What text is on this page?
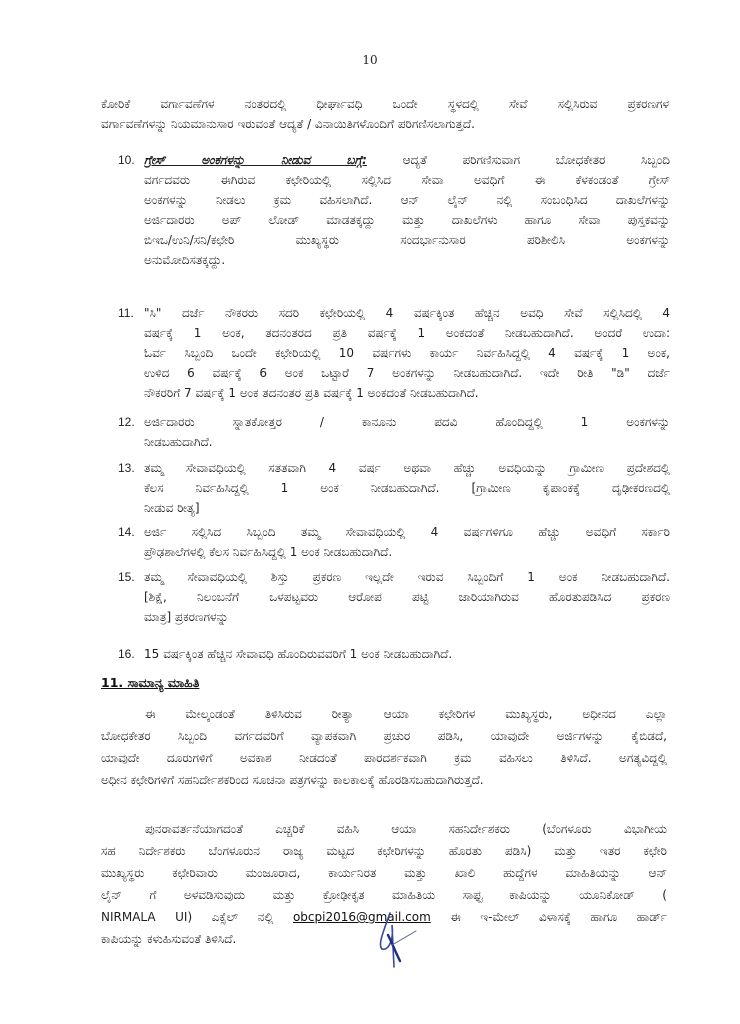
10
ಕೋರಿಕೆ ವರ್ಗಾವಣೆಗಳ ನಂತರದಲ್ಲಿ ಧೀರ್ಘಾವಧಿ ಒಂದೇ ಸ್ಥಳದಲ್ಲಿ ಸೇವೆ ಸಲ್ಲಿಸಿರುವ ಪ್ರಕರಣಗಳ
ವರ್ಗಾವಣೆಗಳನ್ನು ನಿಯಮಾನುಸಾರ ಇರುವಂತೆ ಆದ್ಯತೆ / ವಿನಾಯಿತಿಗಳೊಂದಿಗೆ ಪರಿಗಣಿಸಲಾಗುತ್ತದೆ.
10. ಗ್ರೇಸ್ ಅಂಕಗಳನ್ನು ನೀಡುವ ಬಗ್ಗೆ:	ಆದ್ಯತೆ ಪರಿಗಣಿಸುವಾಗ ಬೋಧಕೇತರ ಸಿಬ್ಬಂದಿ
ವರ್ಗದವರು ಈಗಿರುವ ಕಛೇರಿಯಲ್ಲಿ ಸಲ್ಲಿಸಿದ ಸೇವಾ ಅವಧಿಗೆ ಈ ಕೆಳಕಂಡಂತೆ ಗ್ರೇಸ್
ಅಂಕಗಳನ್ನು ನೀಡಲು ಕ್ರಮ ವಹಿಸಲಾಗಿದೆ. ಆನ್ ಲೈನ್ ನಲ್ಲಿ ಸಂಬಂಧಿಸಿದ ದಾಖಲೆಗಳನ್ನು
ಅರ್ಜಿದಾರರು ಅಪ್ ಲೋಡ್ ಮಾಡತಕ್ಕದ್ದು ಮತ್ತು ದಾಖಲೆಗಳು ಹಾಗೂ ಸೇವಾ ಪುಸ್ತಕವನ್ನು
ಬಿಇಒ/ಉನಿ/ಸನಿ/ಕಛೇರಿ ಮುಖ್ಯಸ್ಥರು ಸಂದರ್ಭಾನುಸಾರ ಪರಿಶೀಲಿಸಿ ಅಂಕಗಳನ್ನು
ಅನುಮೋದಿಸತಕ್ಕದ್ದು.
11. "ಸಿ" ದರ್ಜೆ ನೌಕರರು ಸದರಿ ಕಛೇರಿಯಲ್ಲಿ 4 ವರ್ಷಕ್ಕಿಂತ ಹೆಚ್ಚಿನ ಅವಧಿ ಸೇವೆ ಸಲ್ಲಿಸಿದಲ್ಲಿ 4
ವರ್ಷಕ್ಕೆ 1 ಅಂಕ, ತದನಂತರದ ಪ್ರತಿ ವರ್ಷಕ್ಕೆ 1 ಅಂಕದಂತೆ ನೀಡಬಹುದಾಗಿದೆ. ಅಂದರೆ ಉದಾ:
ಓರ್ವ ಸಿಬ್ಬಂದಿ ಒಂದೇ ಕಛೇರಿಯಲ್ಲಿ 10 ವರ್ಷಗಳು ಕಾರ್ಯ ನಿರ್ವಹಿಸಿದ್ದಲ್ಲಿ 4 ವರ್ಷಕ್ಕೆ 1 ಅಂಕ,
ಉಳಿದ 6 ವರ್ಷಕ್ಕೆ 6 ಅಂಕ ಒಟ್ಟಾರೆ 7 ಅಂಕಗಳನ್ನು ನೀಡಬಹುದಾಗಿದೆ. ಇದೇ ರೀತಿ "ಡಿ" ದರ್ಜೆ
ನೌಕರರಿಗೆ 7 ವರ್ಷಕ್ಕೆ 1 ಅಂಕ ತದನಂತರ ಪ್ರತಿ ವರ್ಷಕ್ಕೆ 1 ಅಂಕದಂತೆ ನೀಡಬಹುದಾಗಿದೆ.
12. ಅರ್ಜಿದಾರರು ಸ್ನಾತಕೋತ್ತರ / ಕಾನೂನು ಪದವಿ ಹೊಂದಿದ್ದಲ್ಲಿ 1 ಅಂಕಗಳನ್ನು
ನೀಡಬಹುದಾಗಿದೆ.
13. ತಮ್ಮ ಸೇವಾವಧಿಯಲ್ಲಿ ಸತತವಾಗಿ 4 ವರ್ಷ ಅಥವಾ ಹೆಚ್ಚು ಅವಧಿಯನ್ನು ಗ್ರಾಮೀಣ ಪ್ರದೇಶದಲ್ಲಿ
ಕೆಲಸ ನಿರ್ವಹಿಸಿದ್ದಲ್ಲಿ 1 ಅಂಕ ನೀಡಬಹುದಾಗಿದೆ. [ಗ್ರಾಮೀಣ ಕೃಪಾಂಕಕ್ಕೆ ದೃಢೀಕರಣದಲ್ಲಿ
ನೀಡುವ ರೀತ್ಯ]
14. ಅರ್ಜಿ ಸಲ್ಲಿಸಿದ ಸಿಬ್ಬಂದಿ ತಮ್ಮ ಸೇವಾವಧಿಯಲ್ಲಿ 4 ವರ್ಷಗಳಿಗೂ ಹೆಚ್ಚು ಅವಧಿಗೆ ಸರ್ಕಾರಿ
ಪ್ರೌಢಶಾಲೆಗಳಲ್ಲಿ ಕೆಲಸ ನಿರ್ವಹಿಸಿದ್ದಲ್ಲಿ 1 ಅಂಕ ನೀಡಬಹುದಾಗಿದೆ.
15. ತಮ್ಮ ಸೇವಾವಧಿಯಲ್ಲಿ ಶಿಸ್ತು ಪ್ರಕರಣ ಇಲ್ಲದೇ ಇರುವ ಸಿಬ್ಬಂದಿಗೆ 1 ಅಂಕ ನೀಡಬಹುದಾಗಿದೆ.
[ಶಿಕ್ಷೆ, ನಿಲಂಬನೆಗೆ ಒಳಪಟ್ಟವರು ಆರೋಪ ಪಟ್ಟಿ ಜಾರಿಯಾಗಿರುವ ಹೊರತುಪಡಿಸಿದ ಪ್ರಕರಣ
ಮಾತ್ರ] ಪ್ರಕರಣಗಳನ್ನು
16. 15 ವರ್ಷಕ್ಕಿಂತ ಹೆಚ್ಚಿನ ಸೇವಾವಧಿ ಹೊಂದಿರುವವರಿಗೆ 1 ಅಂಕ ನೀಡಬಹುದಾಗಿದೆ.
11. ಸಾಮಾನ್ಯ ಮಾಹಿತಿ
ಈ ಮೇಲ್ಕಂಡಂತೆ ತಿಳಿಸಿರುವ ರೀತ್ಯಾ ಆಯಾ ಕಛೇರಿಗಳ ಮುಖ್ಯಸ್ಥರು, ಅಧೀನದ ಎಲ್ಲಾ
ಬೋಧಕೇತರ ಸಿಬ್ಬಂದಿ ವರ್ಗದವರಿಗೆ ವ್ಯಾಪಕವಾಗಿ ಪ್ರಚುರ ಪಡಿಸಿ, ಯಾವುದೇ ಅರ್ಜಿಗಳನ್ನು ಕೈಬಿಡದೆ,
ಯಾವುದೇ ದೂರುಗಳಿಗೆ ಅವಕಾಶ ನೀಡದಂತೆ ಪಾರದರ್ಶಕವಾಗಿ ಕ್ರಮ ವಹಿಸಲು ತಿಳಿಸಿದೆ. ಅಗತ್ಯವಿದ್ದಲ್ಲಿ
ಅಧೀನ ಕಛೇರಿಗಳಿಗೆ ಸಹನಿರ್ದೇಶಕರಿಂದ ಸೂಚನಾ ಪತ್ರಗಳನ್ನು ಕಾಲಕಾಲಕ್ಕೆ ಹೊರಡಿಸಬಹುದಾಗಿರುತ್ತದೆ.
ಪುನರಾವರ್ತನೆಯಾಗದಂತೆ ಎಚ್ಚರಿಕೆ ವಹಿಸಿ ಆಯಾ ಸಹನಿರ್ದೇಶಕರು (ಬೆಂಗಳೂರು ವಿಭಾಗೀಯ
ಸಹ ನಿರ್ದೇಶಕರು ಬೆಂಗಳೂರುನ ರಾಜ್ಯ ಮಟ್ಟದ ಕಛೇರಿಗಳನ್ನು ಹೊರತು ಪಡಿಸಿ) ಮತ್ತು ಇತರ ಕಛೇರಿ
ಮುಖ್ಯಸ್ಥರು ಕಛೇರಿವಾರು ಮಂಜೂರಾದ, ಕಾರ್ಯನಿರತ ಮತ್ತು ಖಾಲಿ ಹುದ್ದೆಗಳ ಮಾಹಿತಿಯನ್ನು ಆನ್
ಲೈನ್ ಗೆ ಅಳವಡಿಸುವುದು ಮತ್ತು ಕ್ರೋಢೀಕೃತ ಮಾಹಿತಿಯ ಸಾಫ್ಟ ಕಾಪಿಯನ್ನು ಯೂನಿಕೋಡ್ (
NIRMALA UI) ಎಕ್ಸೆಲ್ ನಲ್ಲಿ obcpi2016@gmail.com ಈ ಇ-ಮೇಲ್ ವಿಳಾಸಕ್ಕೆ ಹಾಗೂ ಹಾರ್ಡ್
ಕಾಪಿಯನ್ನು ಕಳುಹಿಸುವಂತೆ ತಿಳಿಸಿದೆ.
